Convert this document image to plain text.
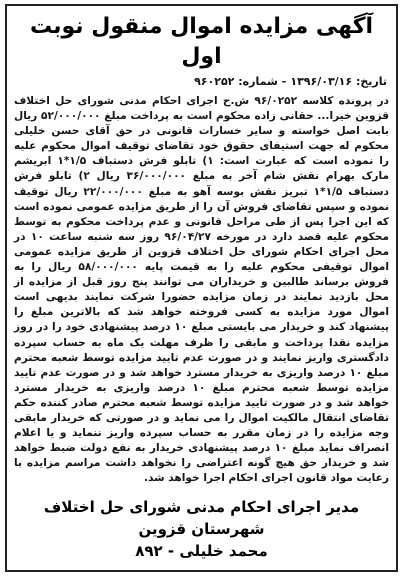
آگهی مزایده اموال منقول نوبت اول
تاریخ: ۱۳۹۶/۰۳/۱۶
-
شماره: ۹۶۰۲۵۲
در پرونده کلاسه ۹۶/۰۲۵۲ ش.ح اجرای احکام مدنی شورای حل اختلاف قزوین خیرا... حقانی زاده محکوم است به پرداخت مبلغ ۵۲/۰۰۰/۰۰۰ ریال بابت اصل خواسته و سایر خسارات قانونی در حق آقای حسن خلیلی محکوم له جهت استیفای حقوق خود تقاضای توقیف اموال محکوم علیه را نموده است که عبارت است: ۱) تابلو فرش دستباف ۱/۵*۱ ابریشم مارک بهرام نقش شام آخر به مبلغ ۳۶/۰۰۰/۰۰۰ ریال ۲) تابلو فرش دستباف ۱/۵*۱ تبریز نقش بوسه آهو به مبلغ ۲۲/۰۰۰/۰۰۰ ریال توقیف نموده و سپس تقاضای فروش آن را از طریق مزایده عمومی نموده است که این اجرا پس از طی مراحل قانونی و عدم پرداخت محکوم به توسط محکوم علیه قصد دارد در مورخه ۹۶/۰۴/۲۷ روز سه شنبه ساعت ۱۰ در محل اجرای احکام شورای حل اختلاف قزوین از طریق مزایده عمومی اموال توقیفی محکوم علیه را به قیمت پایه ۵۸/۰۰۰/۰۰۰ ریال را به فروش برساند طالبین و خریداران می توانند پنج روز قبل از مزایده از محل بازدید نمایند در زمان مزایده حضورا شرکت نمایند بدیهی است اموال مورد مزایده به کسی فروخته خواهد شد که بالاترین مبلغ را پیشنهاد کند و خریدار می بایستی مبلغ ۱۰ درصد پیشنهادی خود را در روز مزایده نقدا پرداخت و مابقی را ظرف مهلت یک ماه به حساب سپرده دادگستری واریز نمایند و در صورت عدم تایید مزایده توسط شعبه محترم مبلغ ۱۰ درصد واریزی به خریدار مسترد خواهد شد و در صورت عدم تایید مزایده توسط شعبه محترم مبلغ ۱۰ درصد واریزی به خریدار مسترد خواهد شد و در صورت تایید مزایده توسط شعبه محترم صادر کننده حکم تقاضای انتقال مالکیت اموال را می نماید و در صورتی که خریدار مابقی وجه مزایده را در زمان مقرر به حساب سپرده واریز ننماید و یا اعلام انصراف نماید مبلغ ۱۰ درصد پیشنهادی خریدار به نفع دولت ضبط خواهد شد و خریدار حق هیچ گونه اعتراضی را نخواهد داشت مراسم مزایده با رعایت مواد قانون اجرای احکام اجرا خواهد شد.
مدیر اجرای احکام مدنی شورای حل اختلاف شهرستان قزوین
محمد خلیلی - ۸۹۲
